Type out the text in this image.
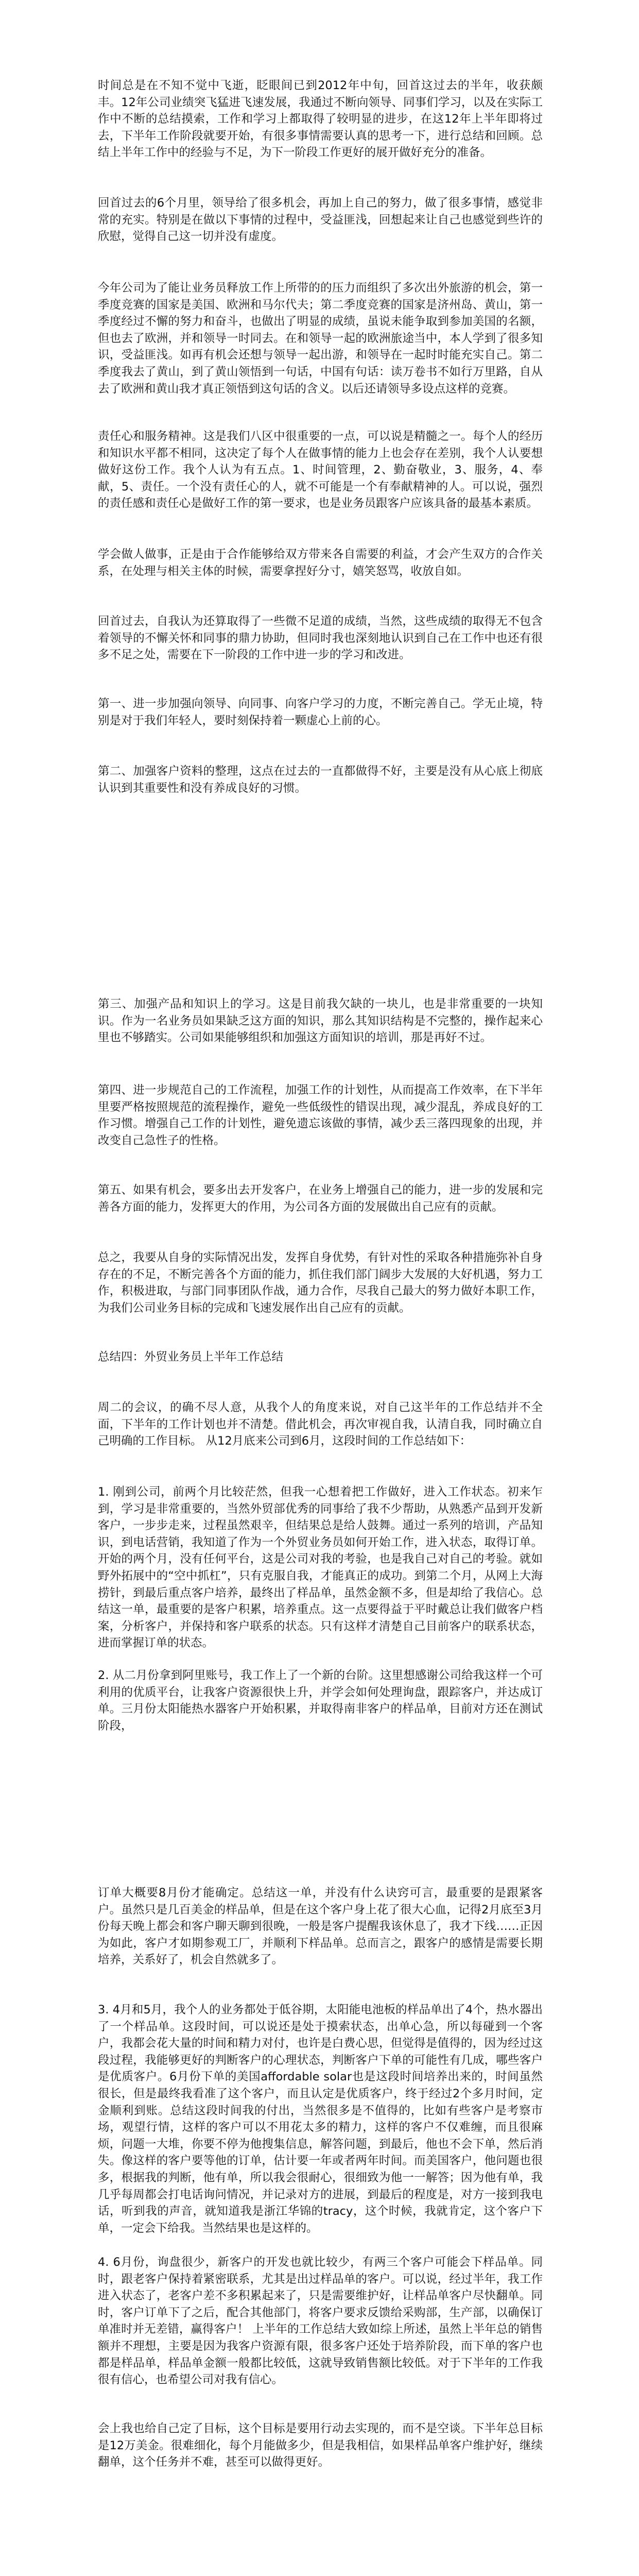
时间总是在不知不觉中飞逝，眨眼间已到2012年中旬，回首这过去的半年，收获颇丰。12年公司业绩突飞猛进飞速发展，我通过不断向领导、同事们学习，以及在实际工作中不断的总结摸索，工作和学习上都取得了较明显的进步，在这12年上半年即将过去，下半年工作阶段就要开始，有很多事情需要认真的思考一下，进行总结和回顾。总结上半年工作中的经验与不足，为下一阶段工作更好的展开做好充分的准备。

回首过去的6个月里，领导给了很多机会，再加上自己的努力，做了很多事情，感觉非常的充实。特别是在做以下事情的过程中，受益匪浅，回想起来让自己也感觉到些许的欣慰，觉得自己这一切并没有虚度。

今年公司为了能让业务员释放工作上所带的的压力而组织了多次出外旅游的机会，第一季度竞赛的国家是美国、欧洲和马尔代夫；第二季度竞赛的国家是济州岛、黄山，第一季度经过不懈的努力和奋斗，也做出了明显的成绩，虽说未能争取到参加美国的名额，但也去了欧洲，并和领导一时同去。在和领导一起的欧洲旅途当中，本人学到了很多知识，受益匪浅。如再有机会还想与领导一起出游，和领导在一起时时能充实自己。第二季度我去了黄山，到了黄山领悟到一句话，中国有句话：读万卷书不如行万里路，自从去了欧洲和黄山我才真正领悟到这句话的含义。以后还请领导多设点这样的竞赛。

责任心和服务精神。这是我们八区中很重要的一点，可以说是精髓之一。每个人的经历和知识水平都不相同，这决定了每个人在做事情的能力上也会存在差别，我个人认要想做好这份工作。我个人认为有五点。1、时间管理，2、勤奋敬业，3、服务，4、奉献，5、责任。一个没有责任心的人，就不可能是一个有奉献精神的人。可以说，强烈的责任感和责任心是做好工作的第一要求，也是业务员跟客户应该具备的最基本素质。

学会做人做事，正是由于合作能够给双方带来各自需要的利益，才会产生双方的合作关系，在处理与相关主体的时候，需要拿捏好分寸，嬉笑怒骂，收放自如。

回首过去，自我认为还算取得了一些微不足道的成绩，当然，这些成绩的取得无不包含着领导的不懈关怀和同事的鼎力协助，但同时我也深刻地认识到自己在工作中也还有很多不足之处，需要在下一阶段的工作中进一步的学习和改进。

第一、进一步加强向领导、向同事、向客户学习的力度，不断完善自己。学无止境，特别是对于我们年轻人，要时刻保持着一颗虚心上前的心。

第二、加强客户资料的整理，这点在过去的一直都做得不好，主要是没有从心底上彻底认识到其重要性和没有养成良好的习惯。

第三、加强产品和知识上的学习。这是目前我欠缺的一块儿，也是非常重要的一块知识。作为一名业务员如果缺乏这方面的知识，那么其知识结构是不完整的，操作起来心里也不够踏实。公司如果能够组织和加强这方面知识的培训，那是再好不过。

第四、进一步规范自己的工作流程，加强工作的计划性，从而提高工作效率，在下半年里要严格按照规范的流程操作，避免一些低级性的错误出现，减少混乱，养成良好的工作习惯。增强自己工作的计划性，避免遗忘该做的事情，减少丢三落四现象的出现，并改变自己急性子的性格。

第五、如果有机会，要多出去开发客户，在业务上增强自己的能力，进一步的发展和完善各方面的能力，发挥更大的作用，为公司各方面的发展做出自己应有的贡献。

总之，我要从自身的实际情况出发，发挥自身优势，有针对性的采取各种措施弥补自身存在的不足，不断完善各个方面的能力，抓住我们部门阔步大发展的大好机遇，努力工作，积极进取，与部门同事团队作战，通力合作，尽我自己最大的努力做好本职工作，为我们公司业务目标的完成和飞速发展作出自己应有的贡献。

总结四：外贸业务员上半年工作总结

周二的会议，的确不尽人意，从我个人的角度来说，对自己这半年的工作总结并不全面，下半年的工作计划也并不清楚。借此机会，再次审视自我，认清自我，同时确立自己明确的工作目标。 从12月底来公司到6月，这段时间的工作总结如下：

1. 刚到公司，前两个月比较茫然，但我一心想着把工作做好，进入工作状态。初来乍到，学习是非常重要的，当然外贸部优秀的同事给了我不少帮助，从熟悉产品到开发新客户，一步步走来，过程虽然艰辛，但结果总是给人鼓舞。通过一系列的培训，产品知识，到电话营销，我知道了作为一个外贸业务员如何开始工作，进入状态，取得订单。开始的两个月，没有任何平台，这是公司对我的考验，也是我自己对自己的考验。就如野外拓展中的“空中抓杠”，只有克服自我，才能真正的成功。到第二个月，从网上大海捞针，到最后重点客户培养，最终出了样品单，虽然金额不多，但是却给了我信心。总结这一单，最重要的是客户积累，培养重点。这一点要得益于平时戴总让我们做客户档案，分析客户，并保持和客户联系的状态。只有这样才清楚自己目前客户的联系状态，进而掌握订单的状态。

2. 从二月份拿到阿里账号，我工作上了一个新的台阶。这里想感谢公司给我这样一个可利用的优质平台，让我客户资源很快上升，并学会如何处理询盘，跟踪客户，并达成订单。三月份太阳能热水器客户开始积累，并取得南非客户的样品单，目前对方还在测试阶段，

订单大概要8月份才能确定。总结这一单，并没有什么诀窍可言，最重要的是跟紧客户。虽然只是几百美金的样品单，但是在这个客户身上花了很大心血，记得2月底至3月份每天晚上都会和客户聊天聊到很晚，一般是客户提醒我该休息了，我才下线……正因为如此，客户才如期参观工厂，并顺利下样品单。总而言之，跟客户的感情是需要长期培养，关系好了，机会自然就多了。

3. 4月和5月，我个人的业务都处于低谷期，太阳能电池板的样品单出了4个，热水器出了一个样品单。这段时间，可以说还是处于摸索状态，出单心急，所以每碰到一个客户，我都会花大量的时间和精力对付，也许是白费心思，但觉得是值得的，因为经过这段过程，我能够更好的判断客户的心理状态，判断客户下单的可能性有几成，哪些客户是优质客户。6月份下单的美国affordable solar也是这段时间培养出来的，时间虽然很长，但是最终我看准了这个客户，而且认定是优质客户，终于经过2个多月时间，定金顺利到账。总结这段时间我的付出，当然很多是不值得的，比如有些客户是考察市场，观望行情，这样的客户可以不用花太多的精力，这样的客户不仅难缠，而且很麻烦，问题一大堆，你要不停为他搜集信息，解答问题，到最后，他也不会下单，然后消失。像这样的客户要等他的订单，估计要一年或者两年时间。而美国客户，他问题也很多，根据我的判断，他有单，所以我会很耐心，很细致为他一一解答；因为他有单，我几乎每周都会打电话询问情况，并记录对方的进展，到最后的程度是，对方一接到我电话，听到我的声音，就知道我是浙江华锦的tracy，这个时候，我就肯定，这个客户下单，一定会下给我。当然结果也是这样的。

4. 6月份，询盘很少，新客户的开发也就比较少，有两三个客户可能会下样品单。同时，跟老客户保持着紧密联系，尤其是出过样品单的客户。可以说，经过半年，我工作进入状态了，老客户差不多积累起来了，只是需要维护好，让样品单客户尽快翻单。同时，客户订单下了之后，配合其他部门，将客户要求反馈给采购部，生产部，以确保订单准时并无差错，赢得客户！ 上半年的工作总结大致如综上所述，虽然上半年总的销售额并不理想，主要是因为我客户资源有限，很多客户还处于培养阶段，而下单的客户也都是样品单，样品单金额一般都比较低，这就导致销售额比较低。对于下半年的工作我很有信心，也希望公司对我有信心。

会上我也给自己定了目标，这个目标是要用行动去实现的，而不是空谈。下半年总目标是12万美金。很难细化，每个月能做多少，但是我相信，如果样品单客户维护好，继续翻单，这个任务并不难，甚至可以做得更好。
